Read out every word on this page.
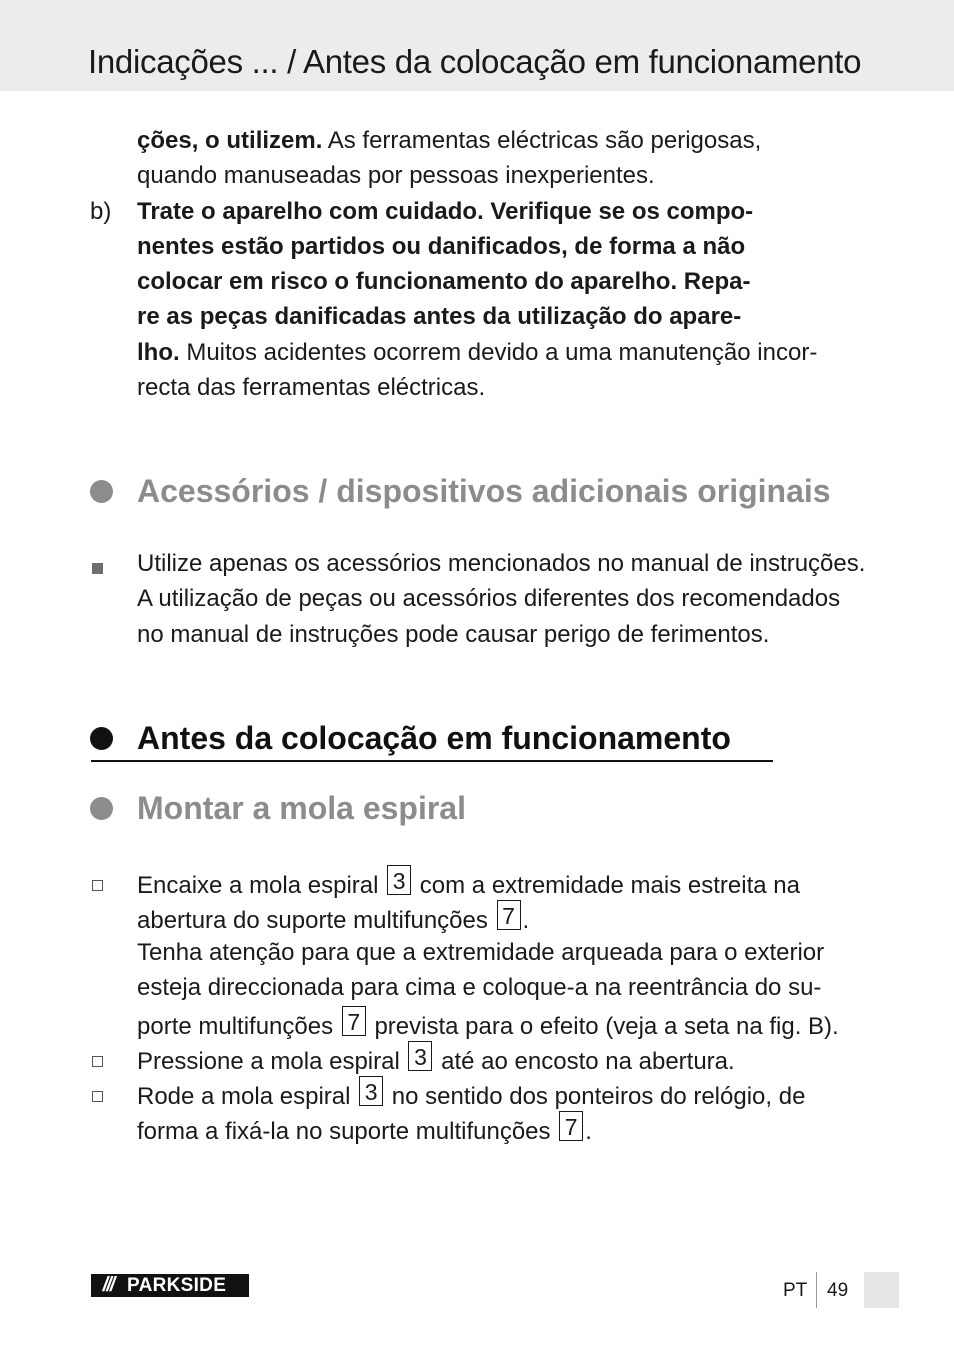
Indicações ... / Antes da colocação em funcionamento
ções, o utilizem. As ferramentas eléctricas são perigosas,
quando manuseadas por pessoas inexperientes.
b) Trate o aparelho com cuidado. Verifique se os compo-
nentes estão partidos ou danificados, de forma a não
colocar em risco o funcionamento do aparelho. Repa-
re as peças danificadas antes da utilização do apare-
lho. Muitos acidentes ocorrem devido a uma manutenção incor-
recta das ferramentas eléctricas.
Acessórios / dispositivos adicionais originais
Utilize apenas os acessórios mencionados no manual de instruções.
A utilização de peças ou acessórios diferentes dos recomendados
no manual de instruções pode causar perigo de ferimentos.
Antes da colocação em funcionamento
Montar a mola espiral
Encaixe a mola espiral 3 com a extremidade mais estreita na
abertura do suporte multifunções 7 .
Tenha atenção para que a extremidade arqueada para o exterior
esteja direccionada para cima e coloque-a na reentrância do su-
porte multifunções 7 prevista para o efeito (veja a seta na fig. B).
Pressione a mola espiral 3 até ao encosto na abertura.
Rode a mola espiral 3 no sentido dos ponteiros do relógio, de
forma a fixá-la no suporte multifunções 7 .
/// PARKSIDE	PT 49
